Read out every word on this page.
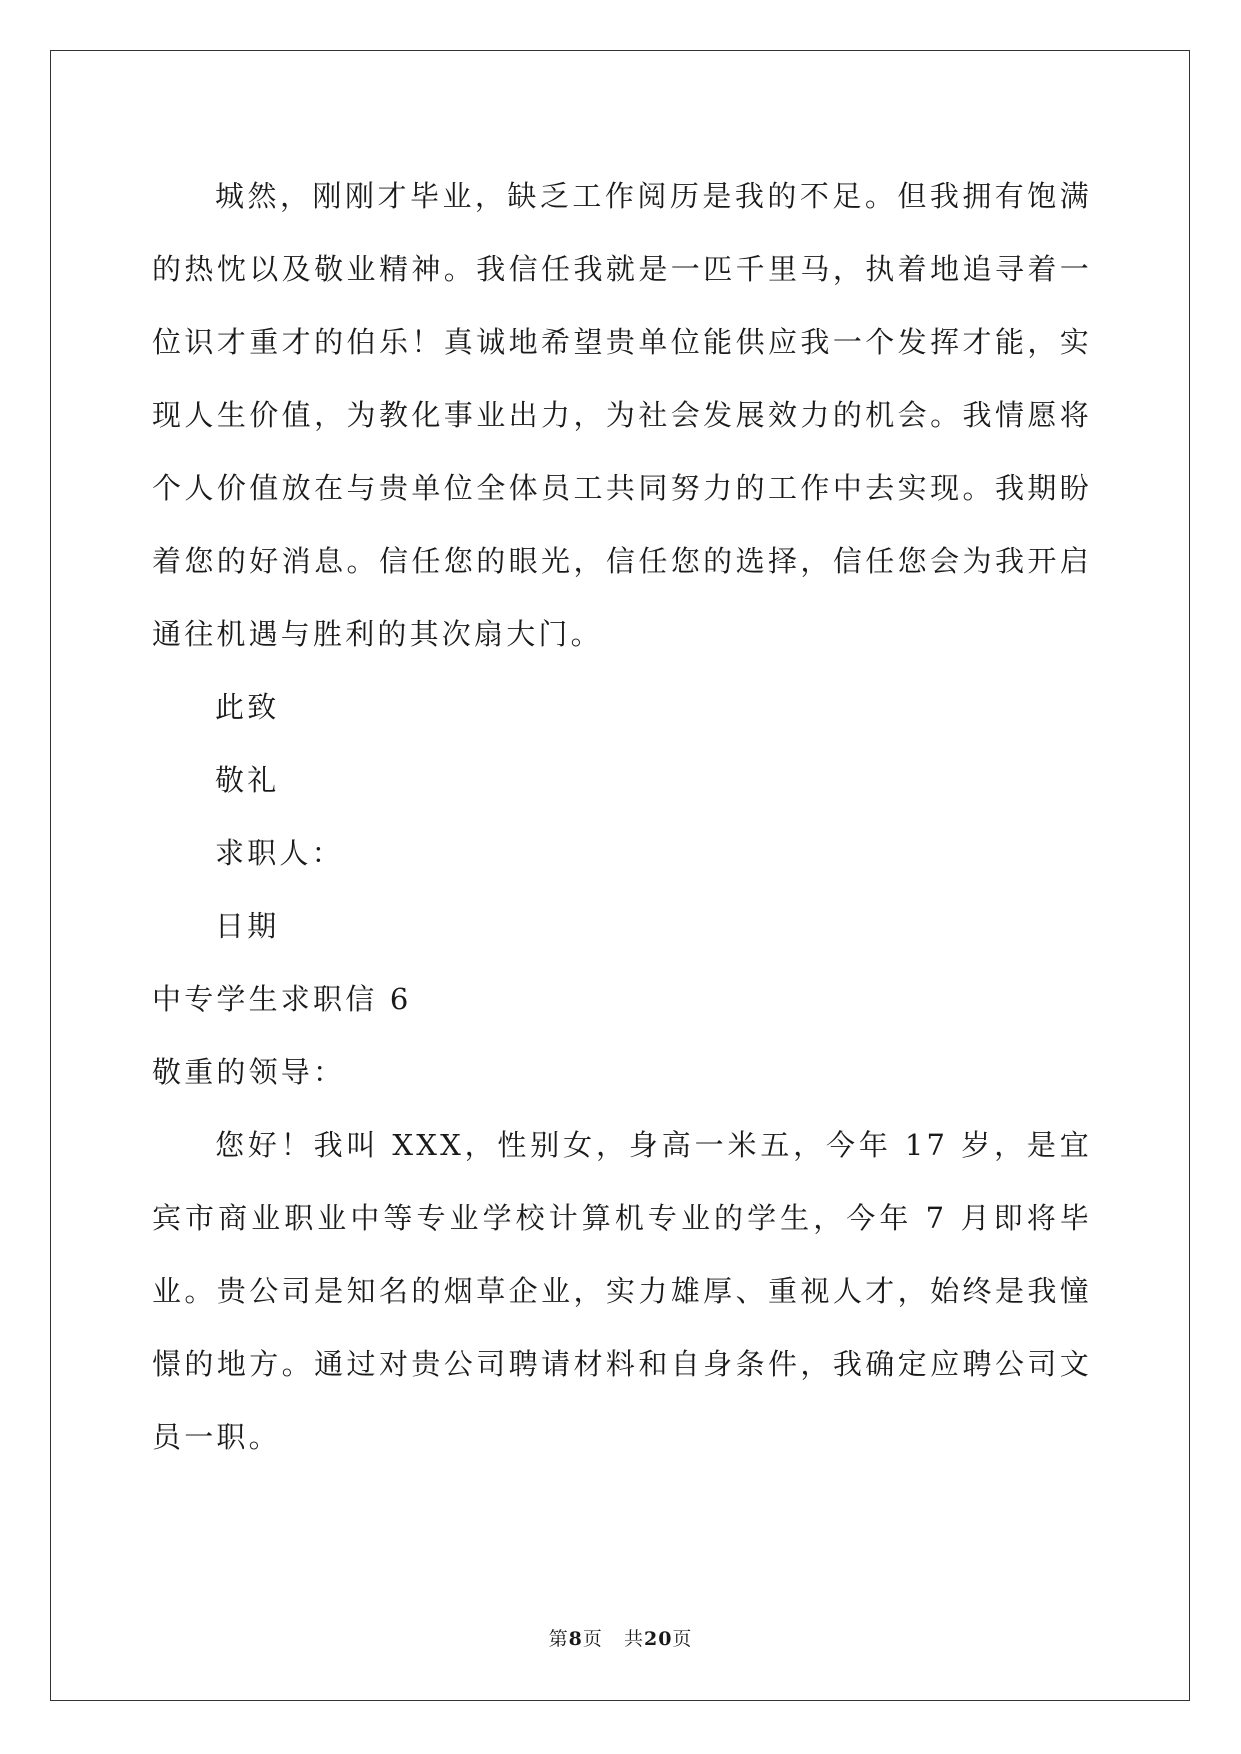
城然，刚刚才毕业，缺乏工作阅历是我的不足。但我拥有饱满的热忱以及敬业精神。我信任我就是一匹千里马，执着地追寻着一位识才重才的伯乐！真诚地希望贵单位能供应我一个发挥才能，实现人生价值，为教化事业出力，为社会发展效力的机会。我情愿将个人价值放在与贵单位全体员工共同努力的工作中去实现。我期盼着您的好消息。信任您的眼光，信任您的选择，信任您会为我开启通往机遇与胜利的其次扇大门。

此致

敬礼

求职人：

日期

中专学生求职信 6

敬重的领导：

您好！我叫 XXX，性别女，身高一米五，今年 17 岁，是宜宾市商业职业中等专业学校计算机专业的学生，今年 7 月即将毕业。贵公司是知名的烟草企业，实力雄厚、重视人才，始终是我憧憬的地方。通过对贵公司聘请材料和自身条件，我确定应聘公司文员一职。

第8页 共20页
